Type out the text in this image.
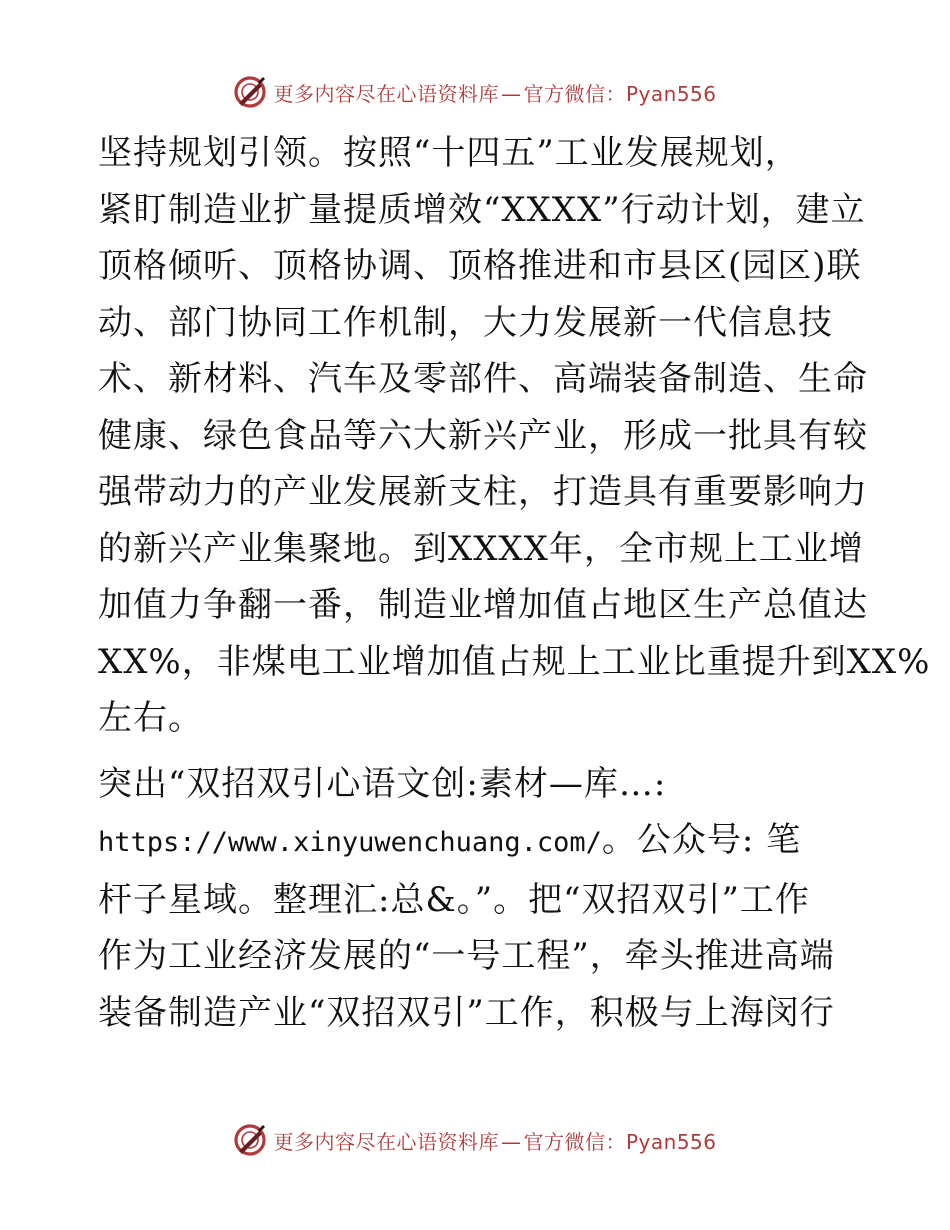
更多内容尽在心语资料库 — 官方微信：Pyan556

坚持规划引领。按照“十四五”工业发展规划，
紧盯制造业扩量提质增效“XXXX”行动计划，建立
顶格倾听、顶格协调、顶格推进和市县区(园区)联
动、部门协同工作机制，大力发展新一代信息技
术、新材料、汽车及零部件、高端装备制造、生命
健康、绿色食品等六大新兴产业，形成一批具有较
强带动力的产业发展新支柱，打造具有重要影响力
的新兴产业集聚地。到XXXX年，全市规上工业增
加值力争翻一番，制造业增加值占地区生产总值达
XX%，非煤电工业增加值占规上工业比重提升到XX%
左右。

突出“双招双引心语文创:素材—库…:
https://www.xinyuwenchuang.com/。公众号: 笔
杆子星域。整理汇:总&。”。把“双招双引”工作
作为工业经济发展的“一号工程”，牵头推进高端
装备制造产业“双招双引”工作，积极与上海闵行

更多内容尽在心语资料库 — 官方微信：Pyan556
